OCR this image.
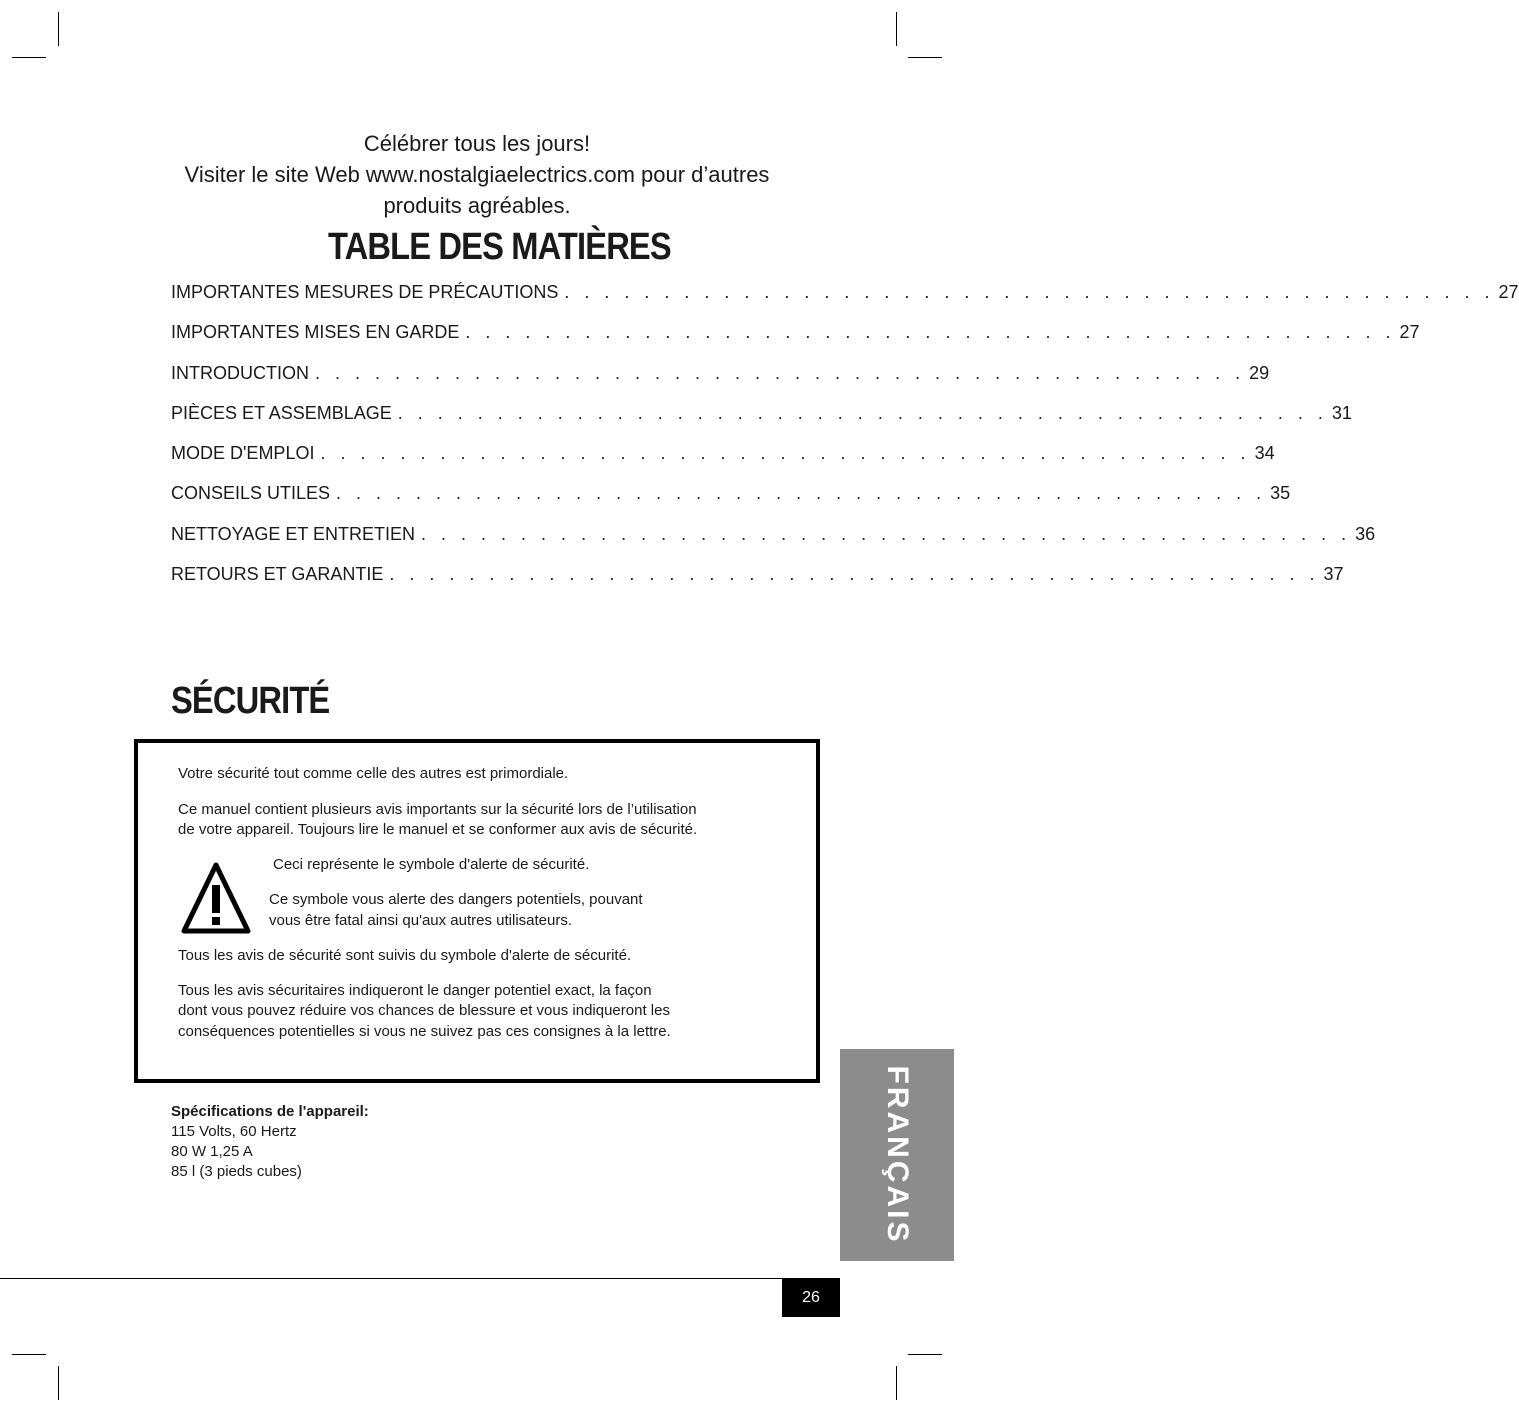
Célébrer tous les jours!
Visiter le site Web www.nostalgiaelectrics.com pour d’autres
produits agréables.
TABLE DES MATIÈRES
IMPORTANTES MESURES DE PRÉCAUTIONS . . . . . . . . . . . . . . . . . . . . . . . . . . . . . . . . . . . . . . . . . . . . . . . 27
IMPORTANTES MISES EN GARDE . . . . . . . . . . . . . . . . . . . . . . . . . . . . . . . . . . . . . . . . . . . . . . . 27
INTRODUCTION . . . . . . . . . . . . . . . . . . . . . . . . . . . . . . . . . . . . . . . . . . . . . . . 29
PIÈCES ET ASSEMBLAGE . . . . . . . . . . . . . . . . . . . . . . . . . . . . . . . . . . . . . . . . . . . . . . . 31
MODE D'EMPLOI . . . . . . . . . . . . . . . . . . . . . . . . . . . . . . . . . . . . . . . . . . . . . . . 34
CONSEILS UTILES . . . . . . . . . . . . . . . . . . . . . . . . . . . . . . . . . . . . . . . . . . . . . . . 35
NETTOYAGE ET ENTRETIEN . . . . . . . . . . . . . . . . . . . . . . . . . . . . . . . . . . . . . . . . . . . . . . . 36
RETOURS ET GARANTIE . . . . . . . . . . . . . . . . . . . . . . . . . . . . . . . . . . . . . . . . . . . . . . . 37
SÉCURITÉ
Votre sécurité tout comme celle des autres est primordiale.
Ce manuel contient plusieurs avis importants sur la sécurité lors de l’utilisation
de votre appareil. Toujours lire le manuel et se conformer aux avis de sécurité.
Ceci représente le symbole d'alerte de sécurité.
Ce symbole vous alerte des dangers potentiels, pouvant
vous être fatal ainsi qu'aux autres utilisateurs.
Tous les avis de sécurité sont suivis du symbole d'alerte de sécurité.
Tous les avis sécuritaires indiqueront le danger potentiel exact, la façon
dont vous pouvez réduire vos chances de blessure et vous indiqueront les
conséquences potentielles si vous ne suivez pas ces consignes à la lettre.
Spécifications de l'appareil:
115 Volts, 60 Hertz
80 W 1,25 A
85 l (3 pieds cubes)	FRANÇAIS
26
